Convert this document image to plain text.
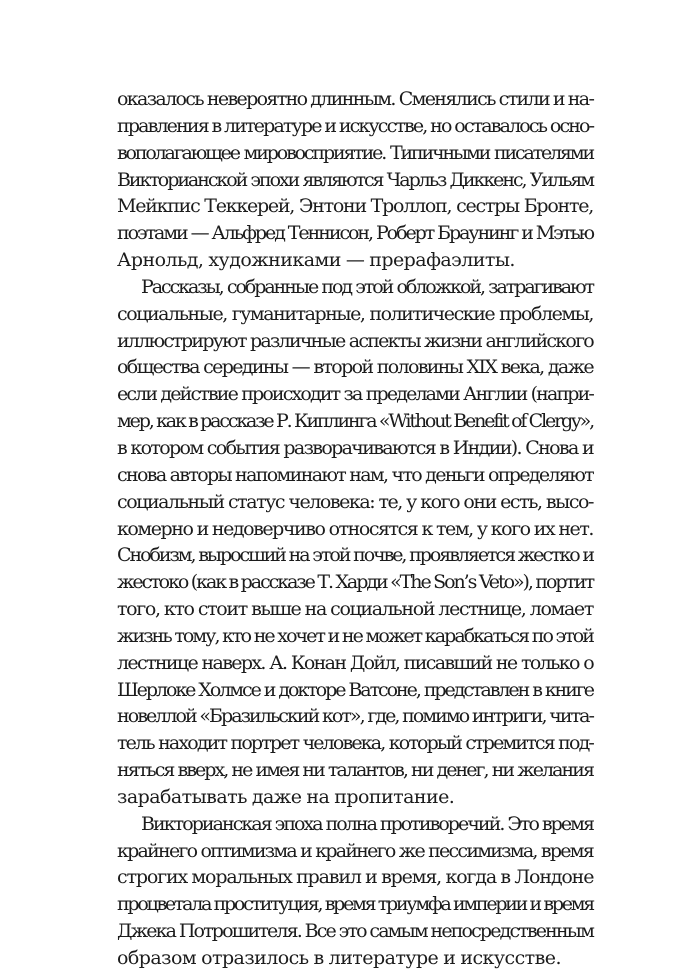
оказалось невероятно длинным. Сменялись стили и на-
правления в литературе и искусстве, но оставалось осно-
вополагающее мировосприятие. Типичными писателями
Викторианской эпохи являются Чарльз Диккенс, Уильям
Мейкпис Теккерей, Энтони Троллоп, сестры Бронте,
поэтами — Альфред Теннисон, Роберт Браунинг и Мэтью
Арнольд, художниками — прерафаэлиты.
Рассказы, собранные под этой обложкой, затрагивают
социальные, гуманитарные, политические проблемы,
иллюстрируют различные аспекты жизни английского
общества середины — второй половины XIX века, даже
если действие происходит за пределами Англии (напри-
мер, как в рассказе Р. Киплинга «Without Benefit of Clergy»,
в котором события разворачиваются в Индии). Снова и
снова авторы напоминают нам, что деньги определяют
социальный статус человека: те, у кого они есть, высо-
комерно и недоверчиво относятся к тем, у кого их нет.
Снобизм, выросший на этой почве, проявляется жестко и
жестоко (как в рассказе Т. Харди «The Son’s Veto»), портит
того, кто стоит выше на социальной лестнице, ломает
жизнь тому, кто не хочет и не может карабкаться по этой
лестнице наверх. А. Конан Дойл, писавший не только о
Шерлоке Холмсе и докторе Ватсоне, представлен в книге
новеллой «Бразильский кот», где, помимо интриги, чита-
тель находит портрет человека, который стремится под-
няться вверх, не имея ни талантов, ни денег, ни желания
зарабатывать даже на пропитание.
Викторианская эпоха полна противоречий. Это время
крайнего оптимизма и крайнего же пессимизма, время
строгих моральных правил и время, когда в Лондоне
процветала проституция, время триумфа империи и время
Джека Потрошителя. Все это самым непосредственным
образом отразилось в литературе и искусстве.
